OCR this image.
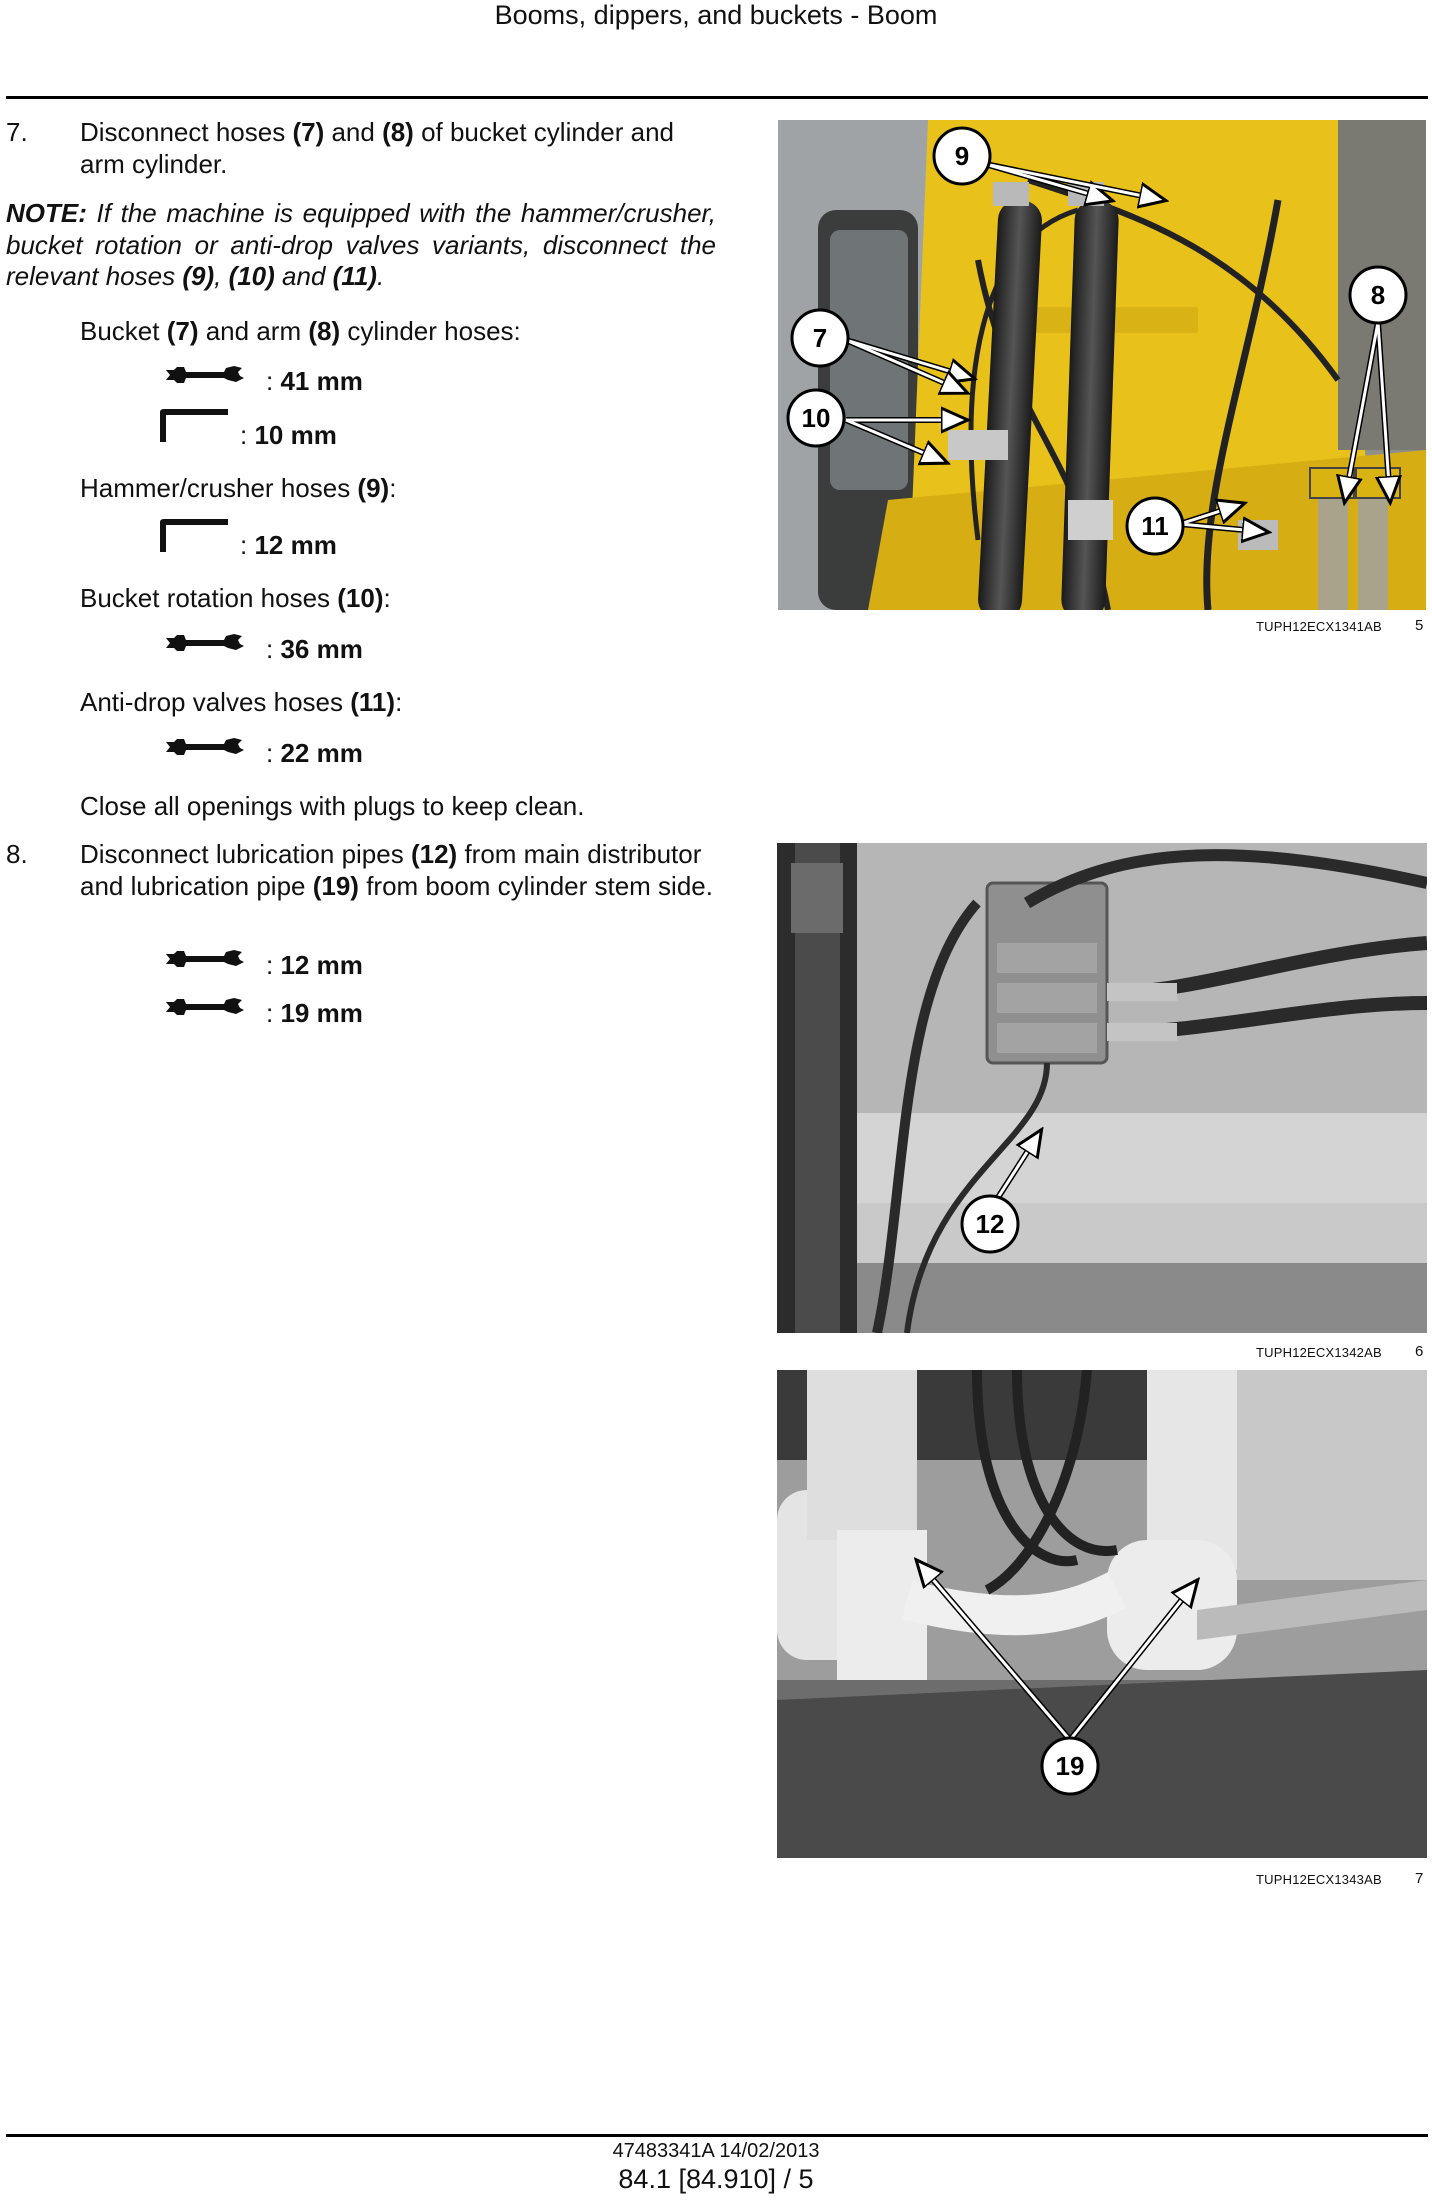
Booms, dippers, and buckets - Boom
7. Disconnect hoses (7) and (8) of bucket cylinder and arm cylinder.
NOTE: If the machine is equipped with the hammer/crusher, bucket rotation or anti-drop valves variants, disconnect the relevant hoses (9), (10) and (11).
Bucket (7) and arm (8) cylinder hoses:
: 41 mm
: 10 mm
Hammer/crusher hoses (9):
: 12 mm
Bucket rotation hoses (10):
: 36 mm
Anti-drop valves hoses (11):
: 22 mm
Close all openings with plugs to keep clean.
8. Disconnect lubrication pipes (12) from main distributor and lubrication pipe (19) from boom cylinder stem side.
: 12 mm
: 19 mm
9
8
7
10
11
12
19
TUPH12ECX1341AB 5
TUPH12ECX1342AB 6
TUPH12ECX1343AB 7
47483341A 14/02/2013
84.1 [84.910] / 5
